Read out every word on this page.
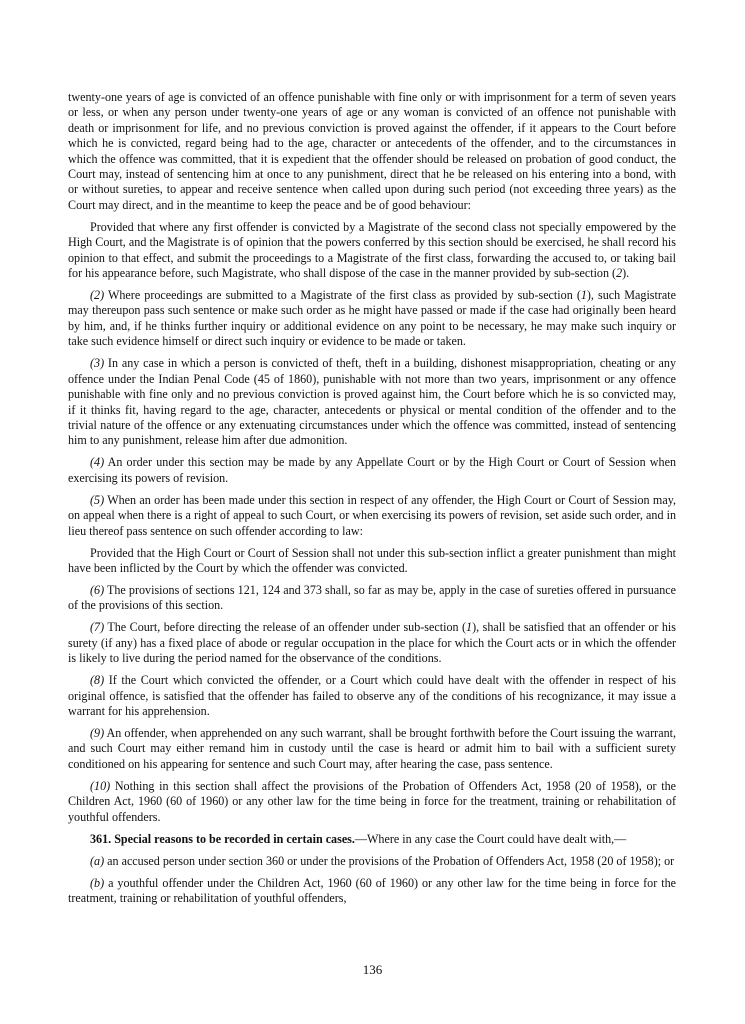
twenty-one years of age is convicted of an offence punishable with fine only or with imprisonment for a term of seven years or less, or when any person under twenty-one years of age or any woman is convicted of an offence not punishable with death or imprisonment for life, and no previous conviction is proved against the offender, if it appears to the Court before which he is convicted, regard being had to the age, character or antecedents of the offender, and to the circumstances in which the offence was committed, that it is expedient that the offender should be released on probation of good conduct, the Court may, instead of sentencing him at once to any punishment, direct that he be released on his entering into a bond, with or without sureties, to appear and receive sentence when called upon during such period (not exceeding three years) as the Court may direct, and in the meantime to keep the peace and be of good behaviour:

Provided that where any first offender is convicted by a Magistrate of the second class not specially empowered by the High Court, and the Magistrate is of opinion that the powers conferred by this section should be exercised, he shall record his opinion to that effect, and submit the proceedings to a Magistrate of the first class, forwarding the accused to, or taking bail for his appearance before, such Magistrate, who shall dispose of the case in the manner provided by sub-section (2).

(2) Where proceedings are submitted to a Magistrate of the first class as provided by sub-section (1), such Magistrate may thereupon pass such sentence or make such order as he might have passed or made if the case had originally been heard by him, and, if he thinks further inquiry or additional evidence on any point to be necessary, he may make such inquiry or take such evidence himself or direct such inquiry or evidence to be made or taken.

(3) In any case in which a person is convicted of theft, theft in a building, dishonest misappropriation, cheating or any offence under the Indian Penal Code (45 of 1860), punishable with not more than two years, imprisonment or any offence punishable with fine only and no previous conviction is proved against him, the Court before which he is so convicted may, if it thinks fit, having regard to the age, character, antecedents or physical or mental condition of the offender and to the trivial nature of the offence or any extenuating circumstances under which the offence was committed, instead of sentencing him to any punishment, release him after due admonition.

(4) An order under this section may be made by any Appellate Court or by the High Court or Court of Session when exercising its powers of revision.

(5) When an order has been made under this section in respect of any offender, the High Court or Court of Session may, on appeal when there is a right of appeal to such Court, or when exercising its powers of revision, set aside such order, and in lieu thereof pass sentence on such offender according to law:

Provided that the High Court or Court of Session shall not under this sub-section inflict a greater punishment than might have been inflicted by the Court by which the offender was convicted.

(6) The provisions of sections 121, 124 and 373 shall, so far as may be, apply in the case of sureties offered in pursuance of the provisions of this section.

(7) The Court, before directing the release of an offender under sub-section (1), shall be satisfied that an offender or his surety (if any) has a fixed place of abode or regular occupation in the place for which the Court acts or in which the offender is likely to live during the period named for the observance of the conditions.

(8) If the Court which convicted the offender, or a Court which could have dealt with the offender in respect of his original offence, is satisfied that the offender has failed to observe any of the conditions of his recognizance, it may issue a warrant for his apprehension.

(9) An offender, when apprehended on any such warrant, shall be brought forthwith before the Court issuing the warrant, and such Court may either remand him in custody until the case is heard or admit him to bail with a sufficient surety conditioned on his appearing for sentence and such Court may, after hearing the case, pass sentence.

(10) Nothing in this section shall affect the provisions of the Probation of Offenders Act, 1958 (20 of 1958), or the Children Act, 1960 (60 of 1960) or any other law for the time being in force for the treatment, training or rehabilitation of youthful offenders.

361. Special reasons to be recorded in certain cases.—Where in any case the Court could have dealt with,—

(a) an accused person under section 360 or under the provisions of the Probation of Offenders Act, 1958 (20 of 1958); or

(b) a youthful offender under the Children Act, 1960 (60 of 1960) or any other law for the time being in force for the treatment, training or rehabilitation of youthful offenders,

136
